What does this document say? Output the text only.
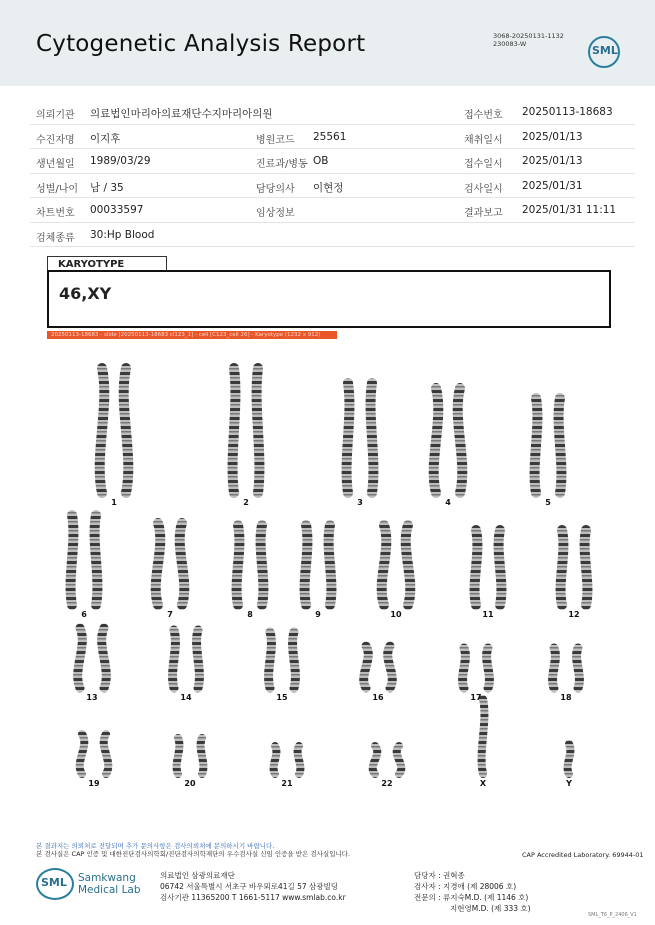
Cytogenetic Analysis Report	3068-20250131-1132
230083-W	SML
의뢰기관 의료법인마리아의료재단수지마리아의원	접수번호 20250113-18683
수진자명 이지후	병원코드 25561	채취일시 2025/01/13
생년월일 1989/03/29	진료과/병동 OB	접수일시 2025/01/13
성별/나이 남 / 35	담당의사 이현정	검사일시 2025/01/31
차트번호 00033597	임상정보	결과보고 2025/01/31 11:11
검체종류 30:Hp Blood
KARYOTYPE
46,XY
20250113-18683 - slide [20250113-18683 cl123_1] - cell [C123_cell 26] - Karyotype (1232 x 912)
1	2	3	4	5
6	7	8	9	10	11	12
13	14	15	16	17	18
19	20	21	22	X	Y
본 결과지는 의뢰처로 전달되며 추가 문의사항은 검사의뢰처에 문의하시기 바랍니다.
본 검사실은 CAP 인증 및 대한진단검사의학회/진단검사의학재단의 우수검사실 신임 인증을 받은 검사실입니다.	CAP Accredited Laboratory. 69944-01
SML Samkwang
Medical Lab
의료법인 삼광의료재단
06742 서울특별시 서초구 바우뫼로41길 57 삼광빌딩
검사기관 11365200 T 1661-5117 www.smlab.co.kr
담당자 : 권혁종
검사자 : 지경애 (제 28006 호)
전문의 : 류지숙M.D. (제 1146 호)
지현영M.D. (제 333 호)
SML_T6_P_2406_V1
